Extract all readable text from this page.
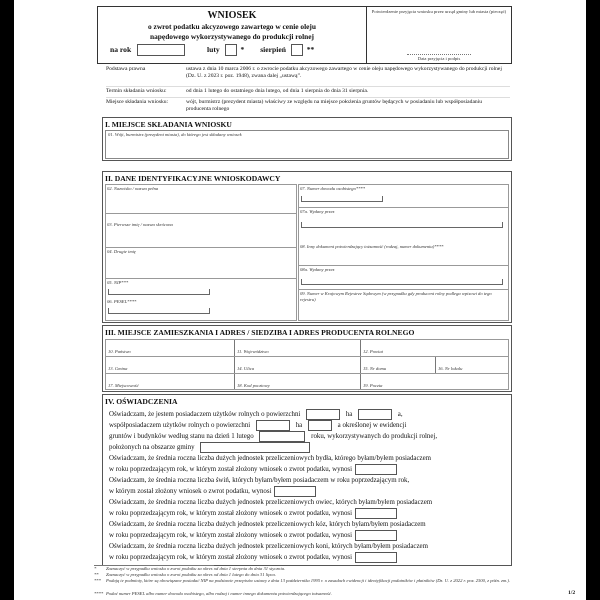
WNIOSEK
o zwrot podatku akcyzowego zawartego w cenie oleju
napędowego wykorzystywanego do produkcji rolnej
na rok	luty	* sierpień	**
Potwierdzenie przyjęcia wniosku przez urząd gminy lub miasta (pieczęć)
Data przyjęcia i podpis
Podstawa prawna	ustawa z dnia 10 marca 2006 r. o zwrocie podatku akcyzowego zawartego w cenie oleju napędowego wykorzystywanego do produkcji rolnej (Dz. U. z 2023 r. poz. 1948), zwana dalej „ustawą”.
Termin składania wniosku:	od dnia 1 lutego do ostatniego dnia lutego, od dnia 1 sierpnia do dnia 31 sierpnia.
Miejsce składania wniosku:	wójt, burmistrz (prezydent miasta) właściwy ze względu na miejsce położenia gruntów będących w posiadaniu lub współposiadaniu producenta rolnego
I. MIEJSCE SKŁADANIA WNIOSKU
01. Wójt, burmistrz (prezydent miasta), do którego jest składany wniosek
II. DANE IDENTYFIKACYJNE WNIOSKODAWCY
02. Nazwisko / nazwa pełna
03. Pierwsze imię / nazwa skrócona
04. Drugie imię
05. NIP***
06. PESEL****
07. Numer dowodu osobistego****
07a. Wydany przez
08. Inny dokument potwierdzający tożsamość (rodzaj, numer dokumentu)****
08a. Wydany przez
09. Numer w Krajowym Rejestrze Sądowym (w przypadku gdy producent rolny podlega wpisowi do tego rejestru)
III. MIEJSCE ZAMIESZKANIA I ADRES / SIEDZIBA I ADRES PRODUCENTA ROLNEGO
10. Państwo	11. Województwo	12. Powiat
13. Gmina	14. Ulica	15. Nr domu	16. Nr lokalu
17. Miejscowość	18. Kod pocztowy	19. Poczta
IV. OŚWIADCZENIA
Oświadczam, że jestem posiadaczem użytków rolnych o powierzchni	ha	a,
współposiadaczem użytków rolnych o powierzchni	ha	a określonej w ewidencji
gruntów i budynków według stanu na dzień 1 lutego	roku, wykorzystywanych do produkcji rolnej,
położonych na obszarze gminy
Oświadczam, że średnia roczna liczba dużych jednostek przeliczeniowych bydła, którego byłam/byłem posiadaczem
w roku poprzedzającym rok, w którym został złożony wniosek o zwrot podatku, wynosi
Oświadczam, że średnia roczna liczba świń, których byłam/byłem posiadaczem w roku poprzedzającym rok,
w którym został złożony wniosek o zwrot podatku, wynosi
Oświadczam, że średnia roczna liczba dużych jednostek przeliczeniowych owiec, których byłam/byłem posiadaczem
w roku poprzedzającym rok, w którym został złożony wniosek o zwrot podatku, wynosi
Oświadczam, że średnia roczna liczba dużych jednostek przeliczeniowych kóz, których byłam/byłem posiadaczem
w roku poprzedzającym rok, w którym został złożony wniosek o zwrot podatku, wynosi
Oświadczam, że średnia roczna liczba dużych jednostek przeliczeniowych koni, których byłam/byłem posiadaczem
w roku poprzedzającym rok, w którym został złożony wniosek o zwrot podatku, wynosi
* Zaznaczyć w przypadku wniosku o zwrot podatku za okres od dnia 1 sierpnia do dnia 31 stycznia.
** Zaznaczyć w przypadku wniosku o zwrot podatku za okres od dnia 1 lutego do dnia 31 lipca.
*** Podają te podmioty, które są obowiązane posiadać NIP na podstawie przepisów ustawy z dnia 13 października 1995 r. o zasadach ewidencji i identyfikacji podatników i płatników (Dz. U. z 2022 r. poz. 2500, z późn. zm.).
**** Podać numer PESEL albo numer dowodu osobistego, albo rodzaj i numer innego dokumentu potwierdzającego tożsamość.	1/2
